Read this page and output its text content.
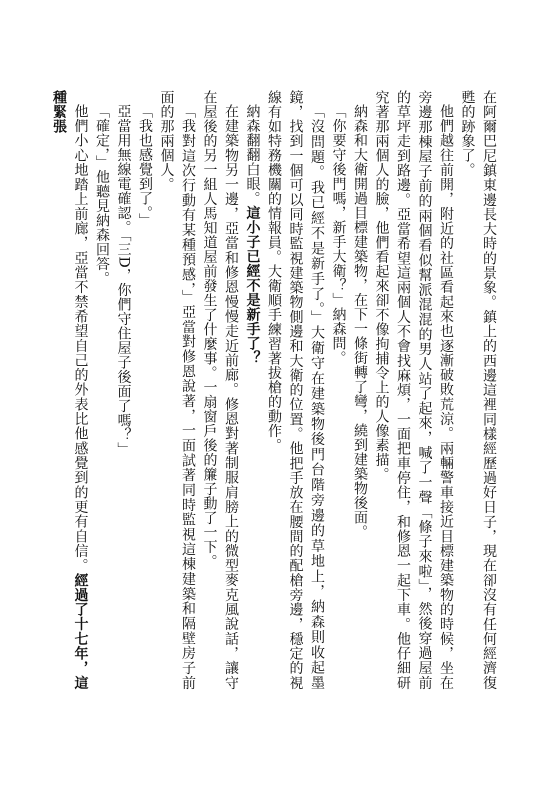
在阿爾巴尼鎮東邊長大時的景象。鎮上的西邊這裡同樣經歷過好日子，現在卻沒有任何經濟復甦的跡象了。

他們越往前開，附近的社區看起來也逐漸破敗荒涼。兩輛警車接近目標建築物的時候，坐在旁邊那棟屋子前的兩個看似幫派混混的男人站了起來，喊了一聲「條子來啦」，然後穿過屋前的草坪走到路邊。亞當希望這兩個人不會找麻煩，一面把車停住，和修恩一起下車。他仔細研究著那兩個人的臉，他們看起來卻不像拘捕令上的人像素描。

納森和大衛開過目標建築物，在下一條街轉了彎，繞到建築物後面。

「你要守後門嗎，新手大衛？」納森問。

「沒問題。我已經不是新手了。」大衛守在建築物後門台階旁邊的草地上，納森則收起墨鏡，找到一個可以同時監視建築物側邊和大衛的位置。他把手放在腰間的配槍旁邊，穩定的視線有如特務機關的情報員。大衛順手練習著拔槍的動作。

納森翻翻白眼。這小子已經不是新手了？

在建築物另一邊，亞當和修恩慢慢走近前廊。修恩對著制服肩膀上的微型麥克風說話，讓守在屋後的另一組人馬知道屋前發生了什麼事。一扇窗戶後的簾子動了一下。

「我對這次行動有某種預感，」亞當對修恩說著，一面試著同時監視這棟建築和隔壁房子前面的那兩個人。

「我也感覺到了。」

亞當用無線電確認。「三D，你們守住屋子後面了嗎？」

「確定，」他聽見納森回答。

他們小心地踏上前廊，亞當不禁希望自己的外表比他感覺到的更有自信。經過了十七年，這種緊張
